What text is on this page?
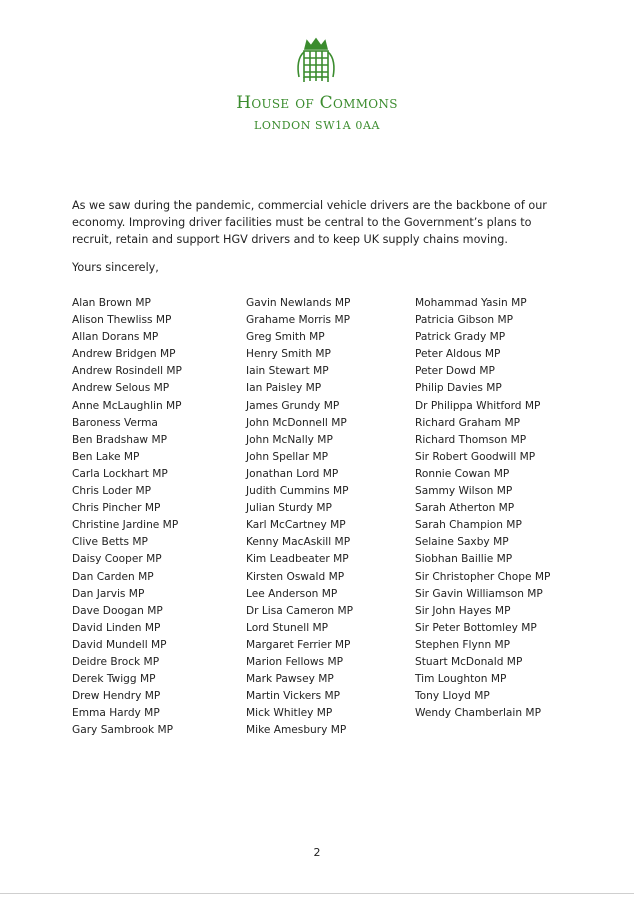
House of Commons
LONDON SW1A 0AA
As we saw during the pandemic, commercial vehicle drivers are the backbone of our economy. Improving driver facilities must be central to the Government’s plans to recruit, retain and support HGV drivers and to keep UK supply chains moving.
Yours sincerely,
Alan Brown MP
Alison Thewliss MP
Allan Dorans MP
Andrew Bridgen MP
Andrew Rosindell MP
Andrew Selous MP
Anne McLaughlin MP
Baroness Verma
Ben Bradshaw MP
Ben Lake MP
Carla Lockhart MP
Chris Loder MP
Chris Pincher MP
Christine Jardine MP
Clive Betts MP
Daisy Cooper MP
Dan Carden MP
Dan Jarvis MP
Dave Doogan MP
David Linden MP
David Mundell MP
Deidre Brock MP
Derek Twigg MP
Drew Hendry MP
Emma Hardy MP
Gary Sambrook MP
Gavin Newlands MP
Grahame Morris MP
Greg Smith MP
Henry Smith MP
Iain Stewart MP
Ian Paisley MP
James Grundy MP
John McDonnell MP
John McNally MP
John Spellar MP
Jonathan Lord MP
Judith Cummins MP
Julian Sturdy MP
Karl McCartney MP
Kenny MacAskill MP
Kim Leadbeater MP
Kirsten Oswald MP
Lee Anderson MP
Dr Lisa Cameron MP
Lord Stunell MP
Margaret Ferrier MP
Marion Fellows MP
Mark Pawsey MP
Martin Vickers MP
Mick Whitley MP
Mike Amesbury MP
Mohammad Yasin MP
Patricia Gibson MP
Patrick Grady MP
Peter Aldous MP
Peter Dowd MP
Philip Davies MP
Dr Philippa Whitford MP
Richard Graham MP
Richard Thomson MP
Sir Robert Goodwill MP
Ronnie Cowan MP
Sammy Wilson MP
Sarah Atherton MP
Sarah Champion MP
Selaine Saxby MP
Siobhan Baillie MP
Sir Christopher Chope MP
Sir Gavin Williamson MP
Sir John Hayes MP
Sir Peter Bottomley MP
Stephen Flynn MP
Stuart McDonald MP
Tim Loughton MP
Tony Lloyd MP
Wendy Chamberlain MP
2
